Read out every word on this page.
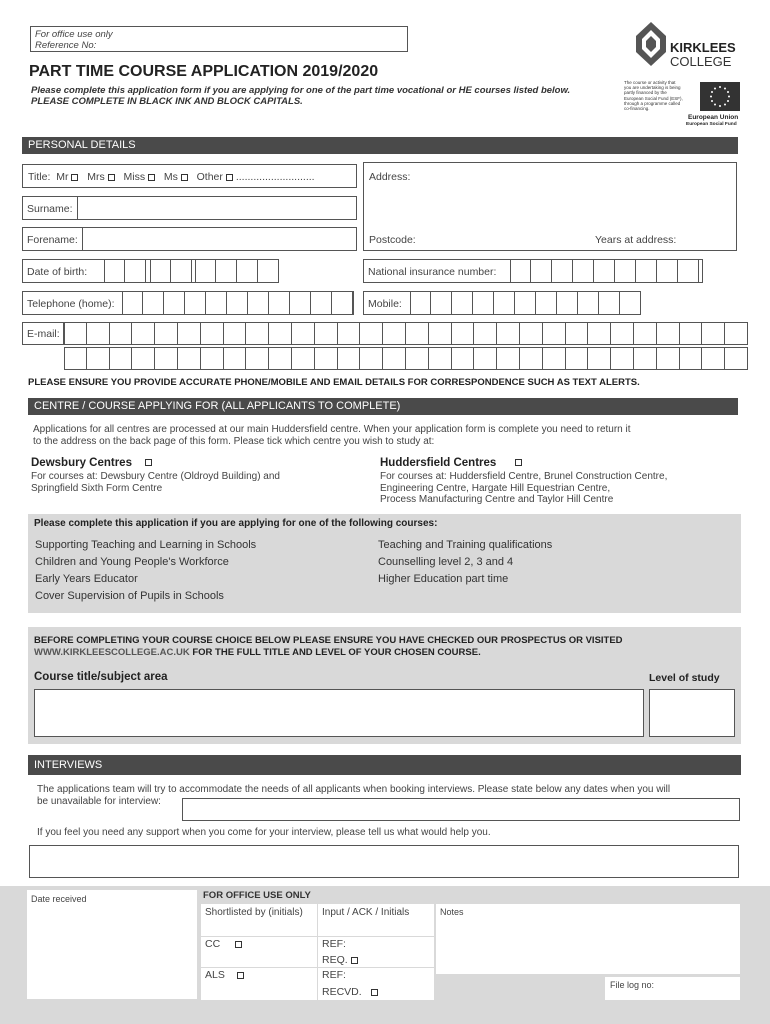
For office use only
Reference No:
PART TIME COURSE APPLICATION 2019/2020
Please complete this application form if you are applying for one of the part time vocational or HE courses listed below.
PLEASE COMPLETE IN BLACK INK AND BLOCK CAPITALS.
KIRKLEES
COLLEGE
The course or activity that you are undertaking is being partly financed by the European Social Fund (ESF), through a programme called co-financing.
European Union
European Social Fund
PERSONAL DETAILS
Title: Mr Mrs Miss Ms Other ...........................	Address:
Postcode:	Years at address:
Surname:
Forename:
Date of birth:	National insurance number:
Telephone (home):	Mobile:
E-mail:
PLEASE ENSURE YOU PROVIDE ACCURATE PHONE/MOBILE AND EMAIL DETAILS FOR CORRESPONDENCE SUCH AS TEXT ALERTS.
CENTRE / COURSE APPLYING FOR (ALL APPLICANTS TO COMPLETE)
Applications for all centres are processed at our main Huddersfield centre. When your application form is complete you need to return it
to the address on the back page of this form. Please tick which centre you wish to study at:
Dewsbury Centres
For courses at: Dewsbury Centre (Oldroyd Building) and
Springfield Sixth Form Centre
Huddersfield Centres
For courses at: Huddersfield Centre, Brunel Construction Centre,
Engineering Centre, Hargate Hill Equestrian Centre,
Process Manufacturing Centre and Taylor Hill Centre
Please complete this application if you are applying for one of the following courses:
Supporting Teaching and Learning in Schools
Children and Young People's Workforce
Early Years Educator
Cover Supervision of Pupils in Schools
Teaching and Training qualifications
Counselling level 2, 3 and 4
Higher Education part time
BEFORE COMPLETING YOUR COURSE CHOICE BELOW PLEASE ENSURE YOU HAVE CHECKED OUR PROSPECTUS OR VISITED
WWW.KIRKLEESCOLLEGE.AC.UK FOR THE FULL TITLE AND LEVEL OF YOUR CHOSEN COURSE.
Course title/subject area	Level of study
INTERVIEWS
The applications team will try to accommodate the needs of all applicants when booking interviews. Please state below any dates when you will
be unavailable for interview:
If you feel you need any support when you come for your interview, please tell us what would help you.
Date received	FOR OFFICE USE ONLY
Shortlisted by (initials) Input / ACK / Initials	Notes
CC	REF:
REQ.
ALS	REF:
RECVD.
File log no:
